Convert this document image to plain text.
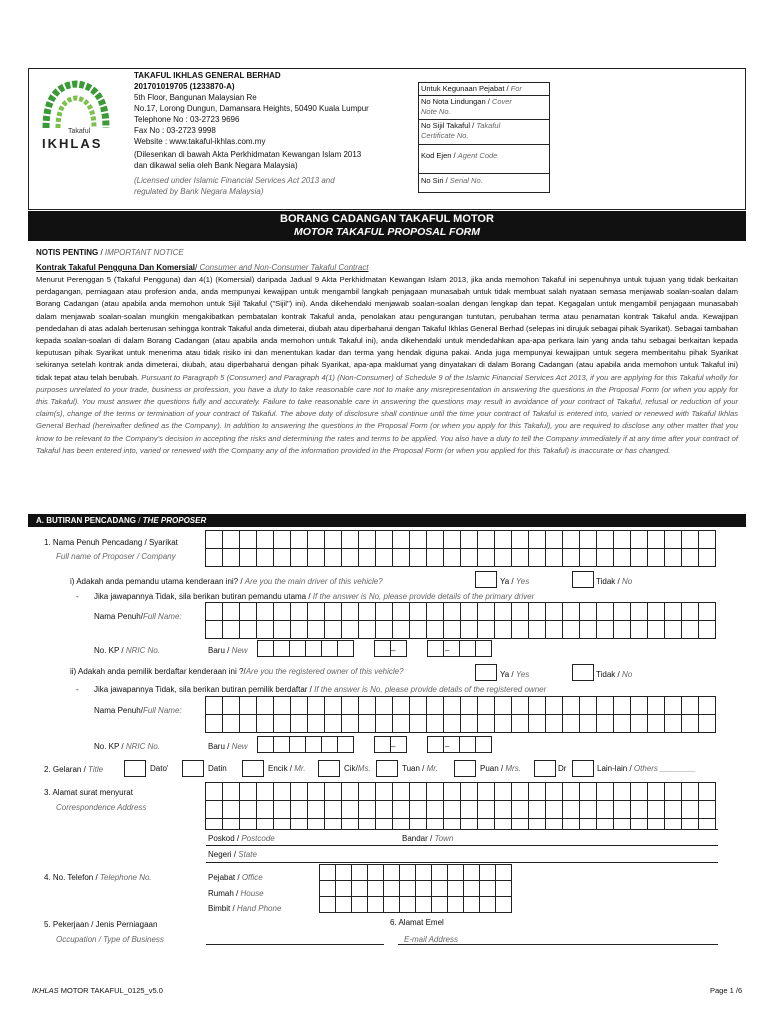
Takaful
IKHLAS
TAKAFUL IKHLAS GENERAL BERHAD
201701019705 (1233870-A)
5th Floor, Bangunan Malaysian Re
No.17, Lorong Dungun, Damansara Heights, 50490 Kuala Lumpur
Telephone No : 03-2723 9696
Fax No : 03-2723 9998
Website : www.takaful-ikhlas.com.my
(Dilesenkan di bawah Akta Perkhidmatan Kewangan Islam 2013
dan dikawal selia oleh Bank Negara Malaysia)
(Licensed under Islamic Financial Services Act 2013 and
regulated by Bank Negara Malaysia)
Untuk Kegunaan Pejabat / For
No Nota Lindungan / Cover
Note No.
No Sijil Takaful / Takaful
Certificate No.
Kod Ejen / Agent Code
No Siri / Serial No.
BORANG CADANGAN TAKAFUL MOTOR
MOTOR TAKAFUL PROPOSAL FORM
NOTIS PENTING / IMPORTANT NOTICE
Kontrak Takaful Pengguna Dan Komersial/ Consumer and Non-Consumer Takaful Contract
Menurut Perenggan 5 (Takaful Pengguna) dan 4(1) (Komersial) daripada Jadual 9 Akta Perkhidmatan Kewangan Islam 2013, jika anda memohon Takaful ini sepenuhnya untuk tujuan yang tidak berkaitan perdagangan, perniagaan atau profesion anda, anda mempunyai kewajipan untuk mengambil langkah penjagaan munasabah untuk tidak membuat salah nyataan semasa menjawab soalan-soalan dalam Borang Cadangan (atau apabila anda memohon untuk Sijil Takaful ("Sijil") ini). Anda dikehendaki menjawab soalan-soalan dengan lengkap dan tepat. Kegagalan untuk mengambil penjagaan munasabah dalam menjawab soalan-soalan mungkin mengakibatkan pembatalan kontrak Takaful anda, penolakan atau pengurangan tuntutan, perubahan terma atau penamatan kontrak Takaful anda. Kewajipan pendedahan di atas adalah berterusan sehingga kontrak Takaful anda dimeterai, diubah atau diperbaharui dengan Takaful Ikhlas General Berhad (selepas ini dirujuk sebagai pihak Syarikat). Sebagai tambahan kepada soalan-soalan di dalam Borang Cadangan (atau apabila anda memohon untuk Takaful ini), anda dikehendaki untuk mendedahkan apa-apa perkara lain yang anda tahu sebagai berkaitan kepada keputusan pihak Syarikat untuk menerima atau tidak risiko ini dan menentukan kadar dan terma yang hendak diguna pakai. Anda juga mempunyai kewajipan untuk segera memberitahu pihak Syarikat sekiranya setelah kontrak anda dimeterai, diubah, atau diperbaharui dengan pihak Syarikat, apa-apa maklumat yang dinyatakan di dalam Borang Cadangan (atau apabila anda memohon untuk Takaful ini) tidak tepat atau telah berubah. Pursuant to Paragraph 5 (Consumer) and Paragraph 4(1) (Non-Consumer) of Schedule 9 of the Islamic Financial Services Act 2013, if you are applying for this Takaful wholly for purposes unrelated to your trade, business or profession, you have a duty to take reasonable care not to make any misrepresentation in answering the questions in the Proposal Form (or when you apply for this Takaful). You must answer the questions fully and accurately. Failure to take reasonable care in answering the questions may result in avoidance of your contract of Takaful, refusal or reduction of your claim(s), change of the terms or termination of your contract of Takaful. The above duty of disclosure shall continue until the time your contract of Takaful is entered into, varied or renewed with Takaful Ikhlas General Berhad (hereinafter defined as the Company). In addition to answering the questions in the Proposal Form (or when you apply for this Takaful), you are required to disclose any other matter that you know to be relevant to the Company's decision in accepting the risks and determining the rates and terms to be applied. You also have a duty to tell the Company immediately if at any time after your contract of Takaful has been entered into, varied or renewed with the Company any of the information provided in the Proposal Form (or when you applied for this Takaful) is inaccurate or has changed.
A. BUTIRAN PENCADANG / THE PROPOSER
1. Nama Penuh Pencadang / Syarikat
Full name of Proposer / Company
i) Adakah anda pemandu utama kenderaan ini? / Are you the main driver of this vehicle?	Ya / Yes	Tidak / No
- Jika jawapannya Tidak, sila berikan butiran pemandu utama / If the answer is No, please provide details of the primary driver
Nama Penuh/Full Name:
No. KP / NRIC No.	Baru / New	–	–
ii) Adakah anda pemilik berdaftar kenderaan ini ?/Are you the registered owner of this vehicle?	Ya / Yes	Tidak / No
- Jika jawapannya Tidak, sila berikan butiran pemilik berdaftar / If the answer is No, please provide details of the registered owner
Nama Penuh/Full Name:
No. KP / NRIC No.	Baru / New	–	–
2. Gelaran / Title	Dato'	Datin	Encik / Mr.	Cik/Ms.	Tuan / Mr.	Puan / Mrs.	Dr	Lain-lain / Others ________
3. Alamat surat menyurat
Correspondence Address
Poskod / Postcode	Bandar / Town
Negeri / State
4. No. Telefon / Telephone No.	Pejabat / Office
Rumah / House
Bimbit / Hand Phone
5. Pekerjaan / Jenis Perniagaan
Occupation / Type of Business
6. Alamat Emel
E-mail Address
IKHLAS MOTOR TAKAFUL_0125_v5.0	Page 1 /6
